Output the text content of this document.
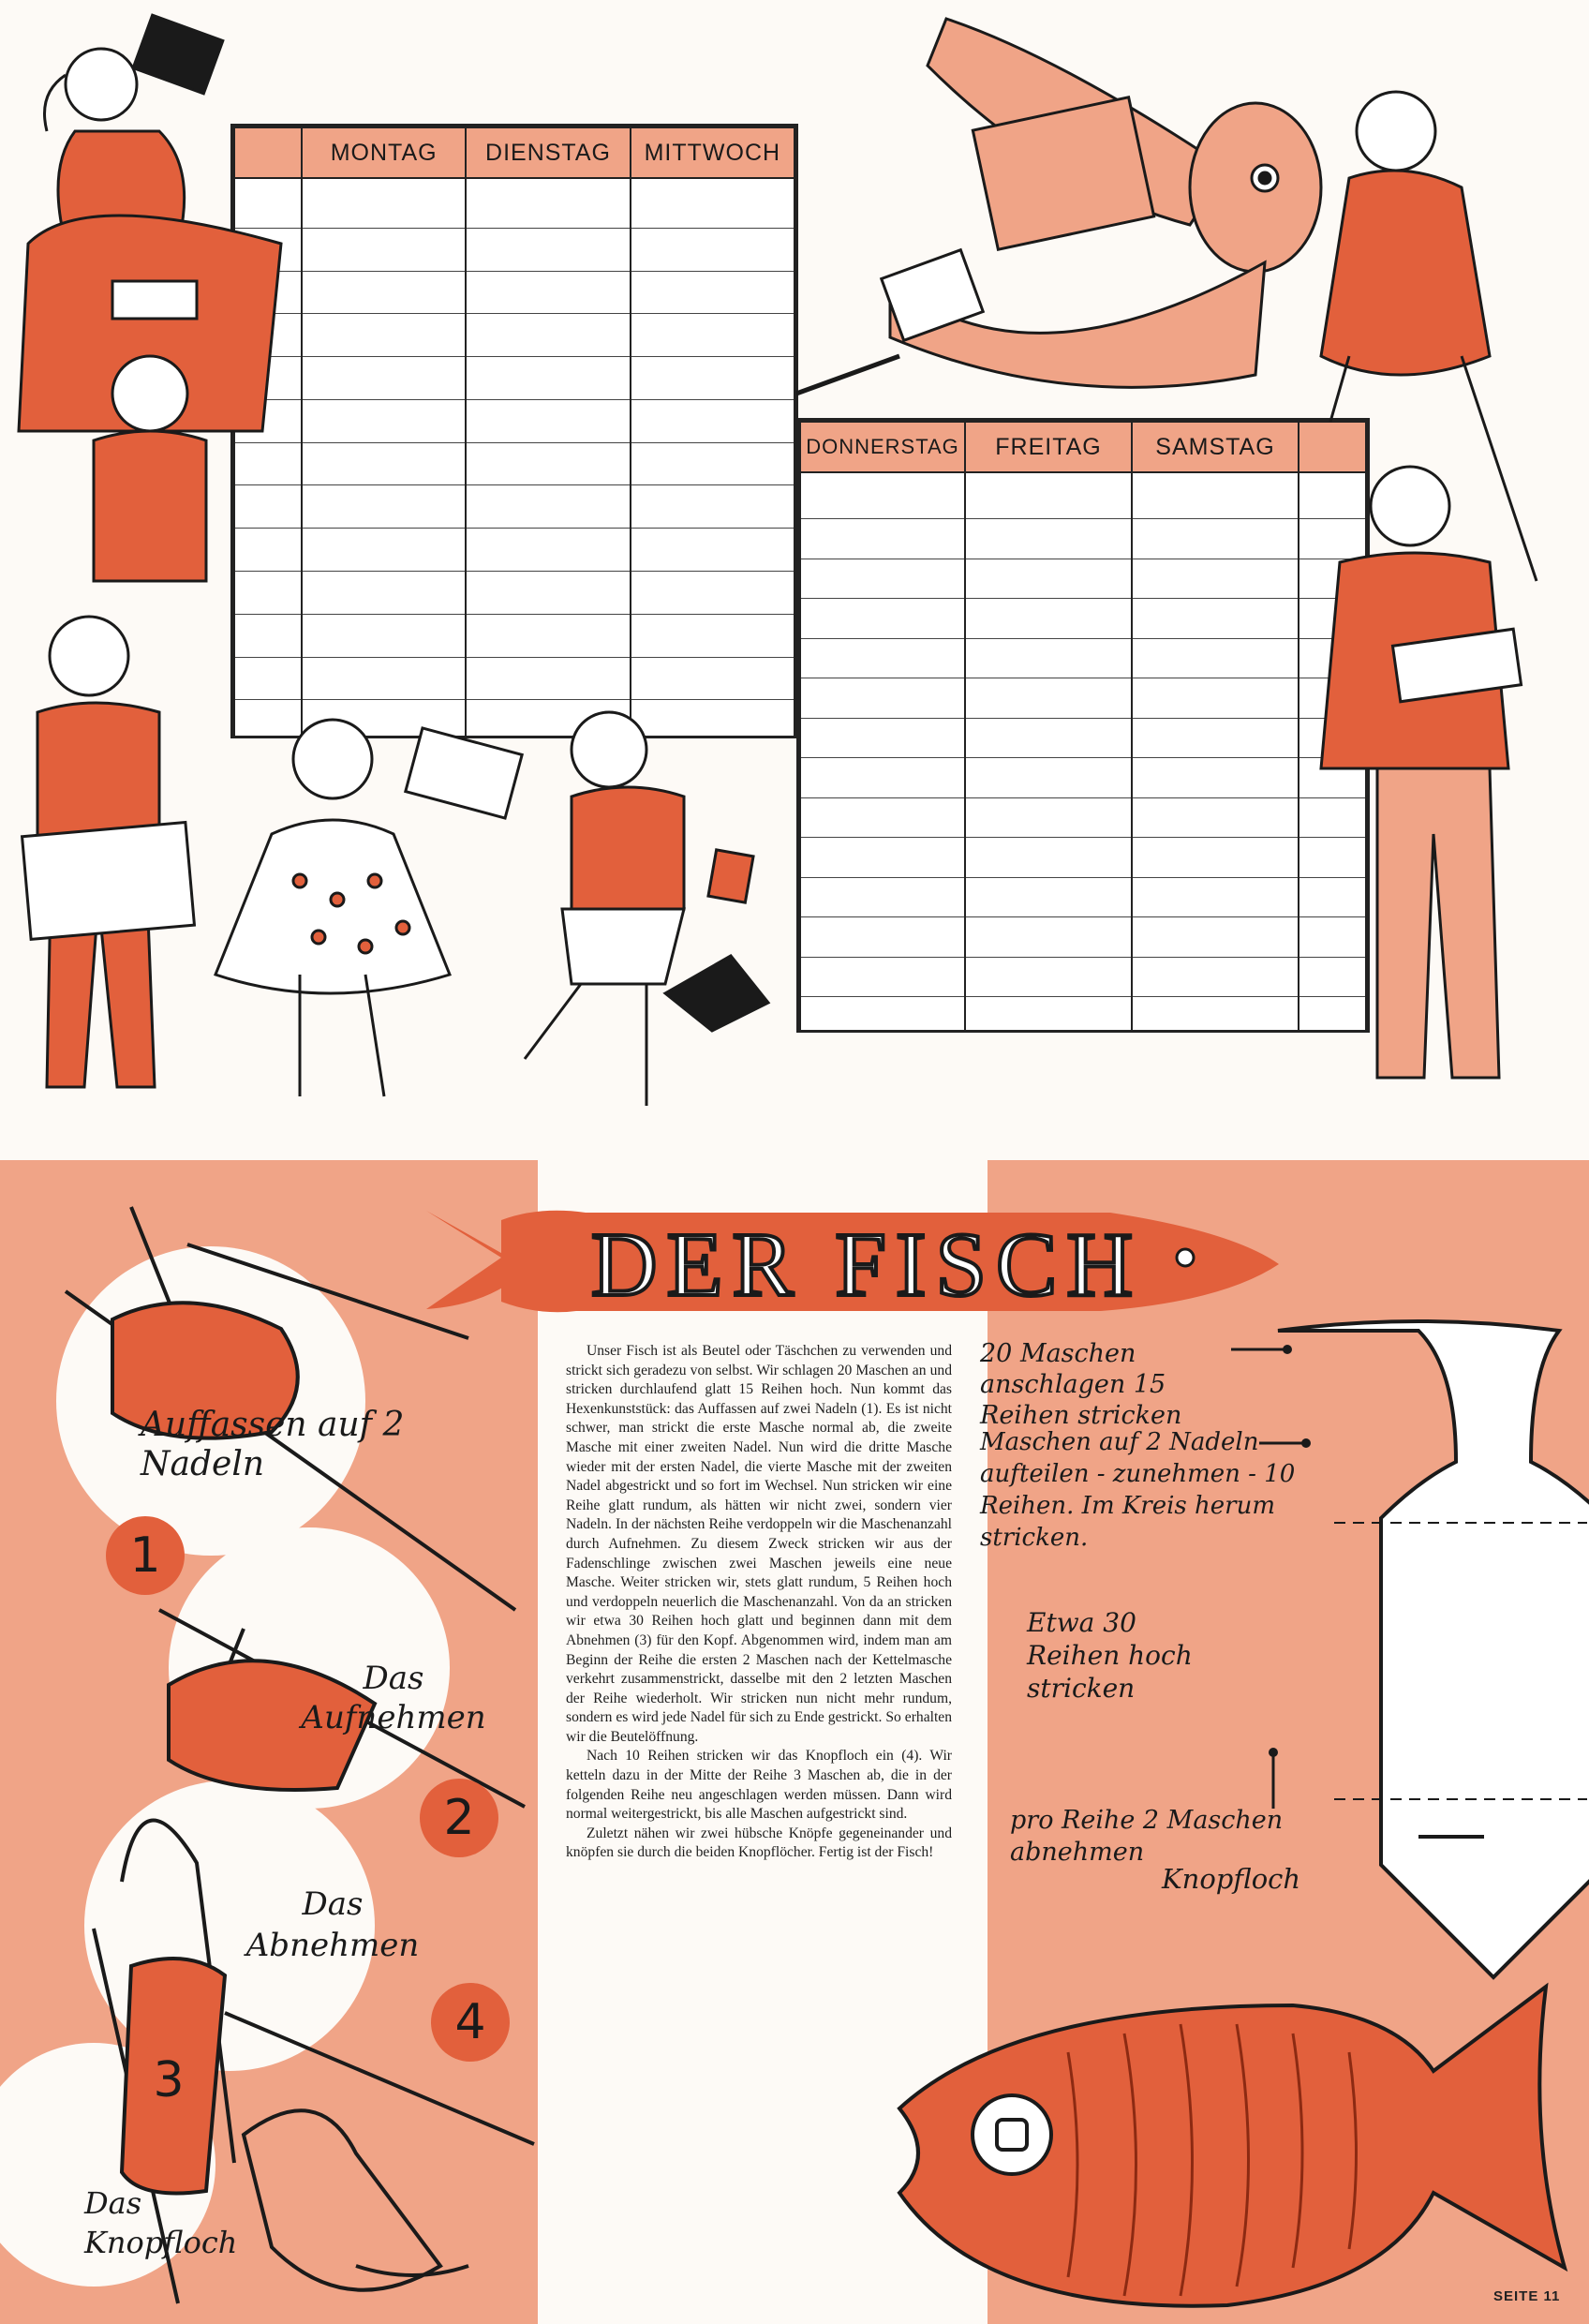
	MONTAG	DIENSTAG	MITTWOCH

DONNERSTAG	FREITAG	SAMSTAG	

DER FISCH
1
2
3
4
Auffassen auf 2 Nadeln
Das Aufnehmen
Das Abnehmen
Das Knopfloch

Unser Fisch ist als Beutel oder Täschchen zu verwenden und strickt sich geradezu von selbst. Wir schlagen 20 Maschen an und stricken durchlaufend glatt 15 Reihen hoch. Nun kommt das Hexenkunststück: das Auffassen auf zwei Nadeln (1). Es ist nicht schwer, man strickt die erste Masche normal ab, die zweite Masche mit einer zweiten Nadel. Nun wird die dritte Masche wieder mit der ersten Nadel, die vierte Masche mit der zweiten Nadel abgestrickt und so fort im Wechsel. Nun stricken wir eine Reihe glatt rundum, als hätten wir nicht zwei, sondern vier Nadeln. In der nächsten Reihe verdoppeln wir die Maschenanzahl durch Aufnehmen. Zu diesem Zweck stricken wir aus der Fadenschlinge zwischen zwei Maschen jeweils eine neue Masche. Weiter stricken wir, stets glatt rundum, 5 Reihen hoch und verdoppeln neuerlich die Maschenanzahl. Von da an stricken wir etwa 30 Reihen hoch glatt und beginnen dann mit dem Abnehmen (3) für den Kopf. Abgenommen wird, indem man am Beginn der Reihe die ersten 2 Maschen nach der Kettelmasche verkehrt zusammenstrickt, dasselbe mit den 2 letzten Maschen der Reihe wiederholt. Wir stricken nun nicht mehr rundum, sondern es wird jede Nadel für sich zu Ende gestrickt. So erhalten wir die Beutelöffnung.

Nach 10 Reihen stricken wir das Knopfloch ein (4). Wir ketteln dazu in der Mitte der Reihe 3 Maschen ab, die in der folgenden Reihe neu angeschlagen werden müssen. Dann wird normal weitergestrickt, bis alle Maschen aufgestrickt sind.

Zuletzt nähen wir zwei hübsche Knöpfe gegeneinander und knöpfen sie durch die beiden Knopflöcher. Fertig ist der Fisch!

20 Maschen anschlagen 15 Reihen stricken
Maschen auf 2 Nadeln aufteilen - zunehmen - 10 Reihen. Im Kreis herum stricken.
Etwa 30 Reihen hoch stricken
pro Reihe 2 Maschen abnehmen
Knopfloch
SEITE 11
